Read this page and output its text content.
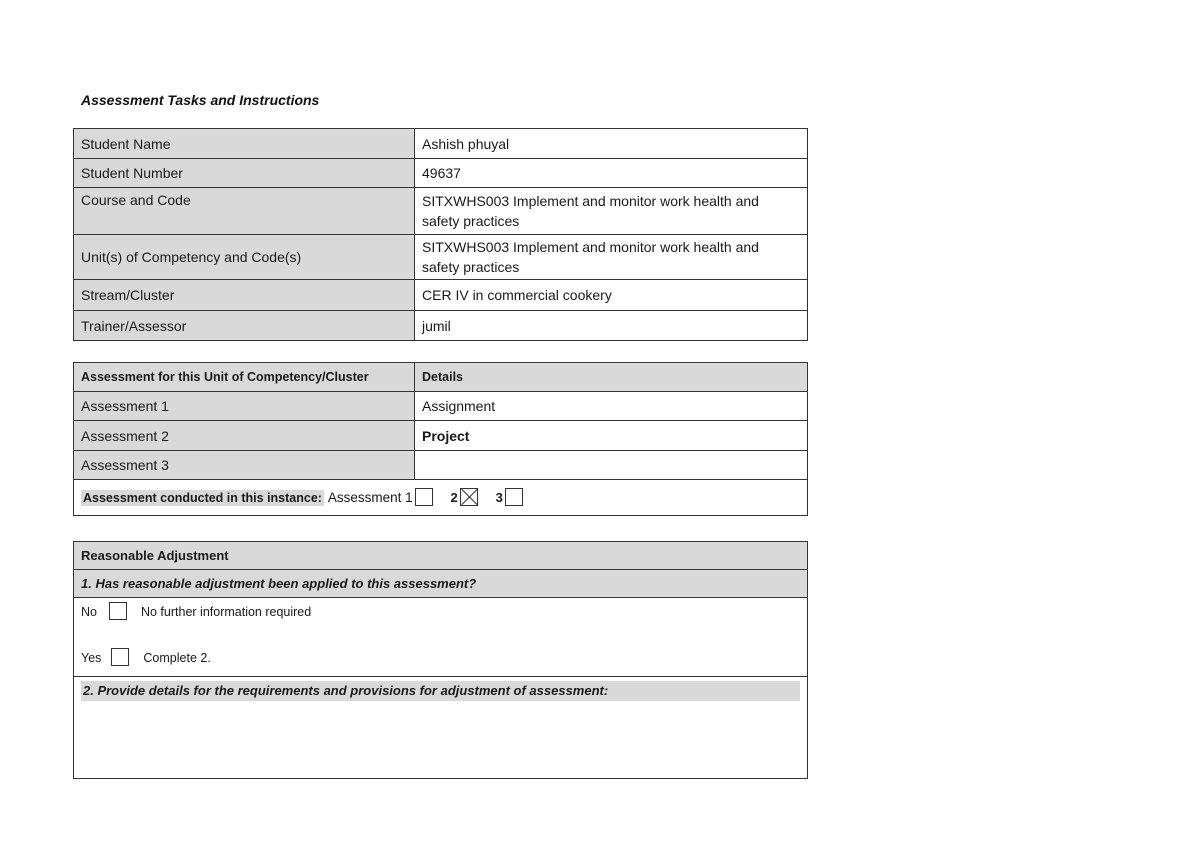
Assessment Tasks and Instructions
Student Name	Ashish phuyal
Student Number	49637
Course and Code	SITXWHS003 Implement and monitor work health and safety practices
Unit(s) of Competency and Code(s)	SITXWHS003 Implement and monitor work health and safety practices
Stream/Cluster	CER IV in commercial cookery
Trainer/Assessor	jumil
Assessment for this Unit of Competency/Cluster	Details
Assessment 1	Assignment
Assessment 2	Project
Assessment 3	
Assessment conducted in this instance: Assessment 1 2 3	
Reasonable Adjustment
1. Has reasonable adjustment been applied to this assessment?

No	No further information required
Yes	Complete 2.

2. Provide details for the requirements and provisions for adjustment of assessment:
